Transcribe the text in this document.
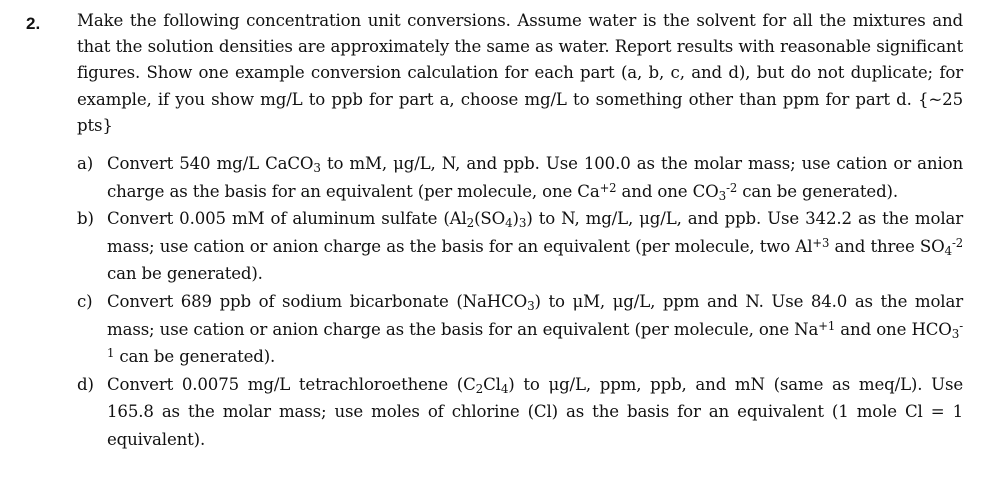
2. Make the following concentration unit conversions. Assume water is the solvent for all the mixtures and that the solution densities are approximately the same as water. Report results with reasonable significant figures. Show one example conversion calculation for each part (a, b, c, and d), but do not duplicate; for example, if you show mg/L to ppb for part a, choose mg/L to something other than ppm for part d. {~25 pts}

a) Convert 540 mg/L CaCO$_3$ to mM, μg/L, N, and ppb. Use 100.0 as the molar mass; use cation or anion charge as the basis for an equivalent (per molecule, one $Ca^{+2}$ and one $CO_3^{-2}$ can be generated).
b) Convert 0.005 mM of aluminum sulfate $(Al_2(SO_4)_3)$ to N, mg/L, μg/L, and ppb. Use 342.2 as the molar mass; use cation or anion charge as the basis for an equivalent (per molecule, two $Al^{+3}$ and three $SO_4^{-2}$ can be generated).
c) Convert 689 ppb of sodium bicarbonate (NaHCO$_3$) to μM, μg/L, ppm and N. Use 84.0 as the molar mass; use cation or anion charge as the basis for an equivalent (per molecule, one $Na^{+1}$ and one $HCO_3^{-1}$ can be generated).
d) Convert 0.0075 mg/L tetrachloroethene $(C_2Cl_4)$ to μg/L, ppm, ppb, and mN (same as meq/L). Use 165.8 as the molar mass; use moles of chlorine (Cl) as the basis for an equivalent (1 mole Cl = 1 equivalent).
